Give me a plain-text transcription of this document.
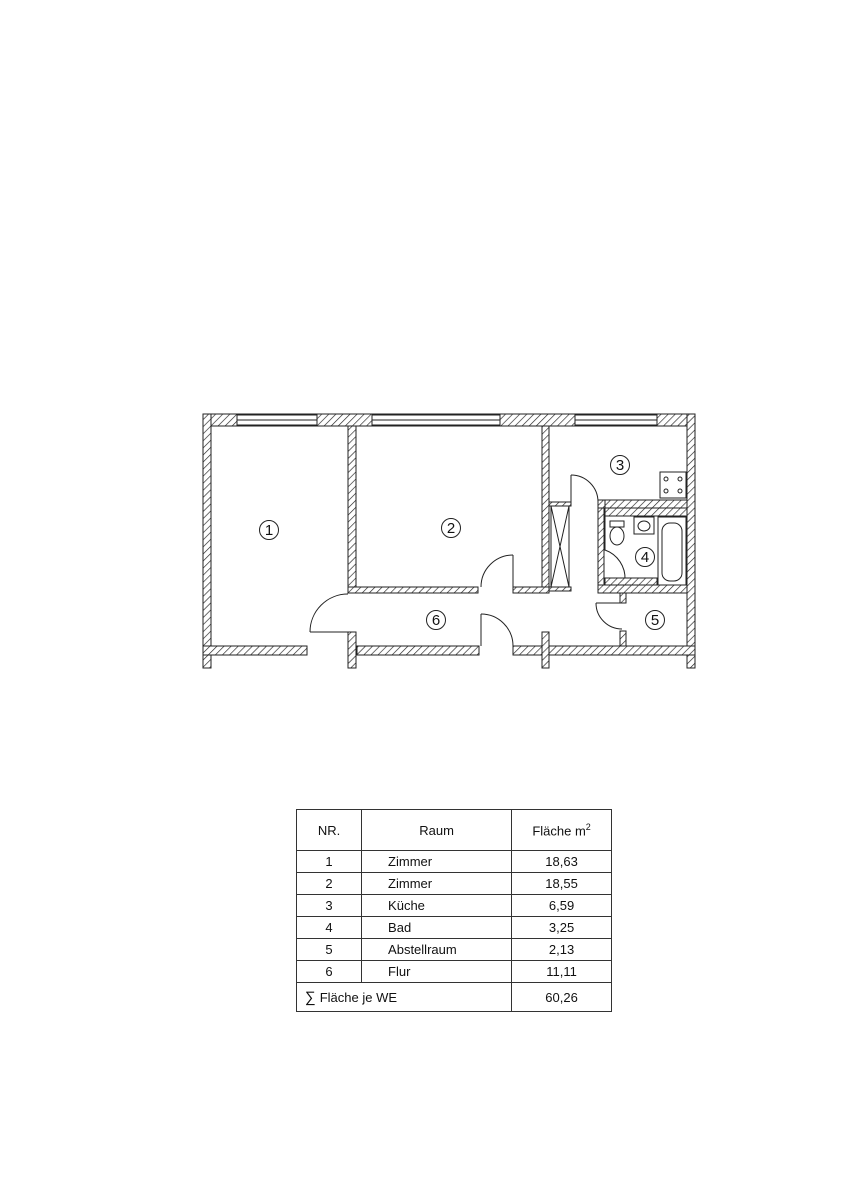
1	2
3
4
5
6
NR.	Raum	Fläche $m^2$
1	Zimmer	18,63
2	Zimmer	18,55
3	Küche	6,59
4	Bad	3,25
5	Abstellraum	2,13
6	Flur	11,11
∑ Fläche je WE		60,26
